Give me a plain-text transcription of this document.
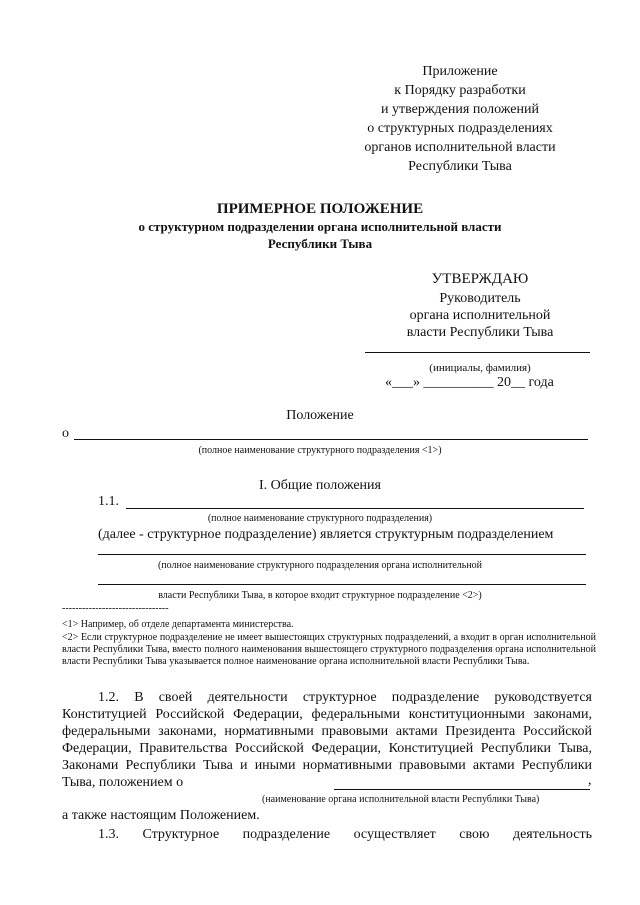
Приложение
к Порядку разработки
и утверждения положений
о структурных подразделениях
органов исполнительной власти
Республики Тыва
ПРИМЕРНОЕ ПОЛОЖЕНИЕ
о структурном подразделении органа исполнительной власти
Республики Тыва
УТВЕРЖДАЮ
Руководитель
органа исполнительной
власти Республики Тыва
(инициалы, фамилия)
«___» __________ 20__ года
Положение
о
(полное наименование структурного подразделения <1>)
I. Общие положения
1.1.
(полное наименование структурного подразделения)
(далее - структурное подразделение) является структурным подразделением
(полное наименование структурного подразделения органа исполнительной
власти Республики Тыва, в которое входит структурное подразделение <2>)
--------------------------------
<1> Например, об отделе департамента министерства.
<2> Если структурное подразделение не имеет вышестоящих структурных подразделений, а входит в орган исполнительной власти Республики Тыва, вместо полного наименования вышестоящего структурного подразделения органа исполнительной власти Республики Тыва указывается полное наименование органа исполнительной власти Республики Тыва.
1.2. В своей деятельности структурное подразделение руководствуется Конституцией Российской Федерации, федеральными конституционными законами, федеральными законами, нормативными правовыми актами Президента Российской Федерации, Правительства Российской Федерации, Конституцией Республики Тыва, Законами Республики Тыва и иными нормативными правовыми актами Республики Тыва, положением о	,
(наименование органа исполнительной власти Республики Тыва)
а также настоящим Положением.
1.3. Структурное подразделение осуществляет свою деятельность
